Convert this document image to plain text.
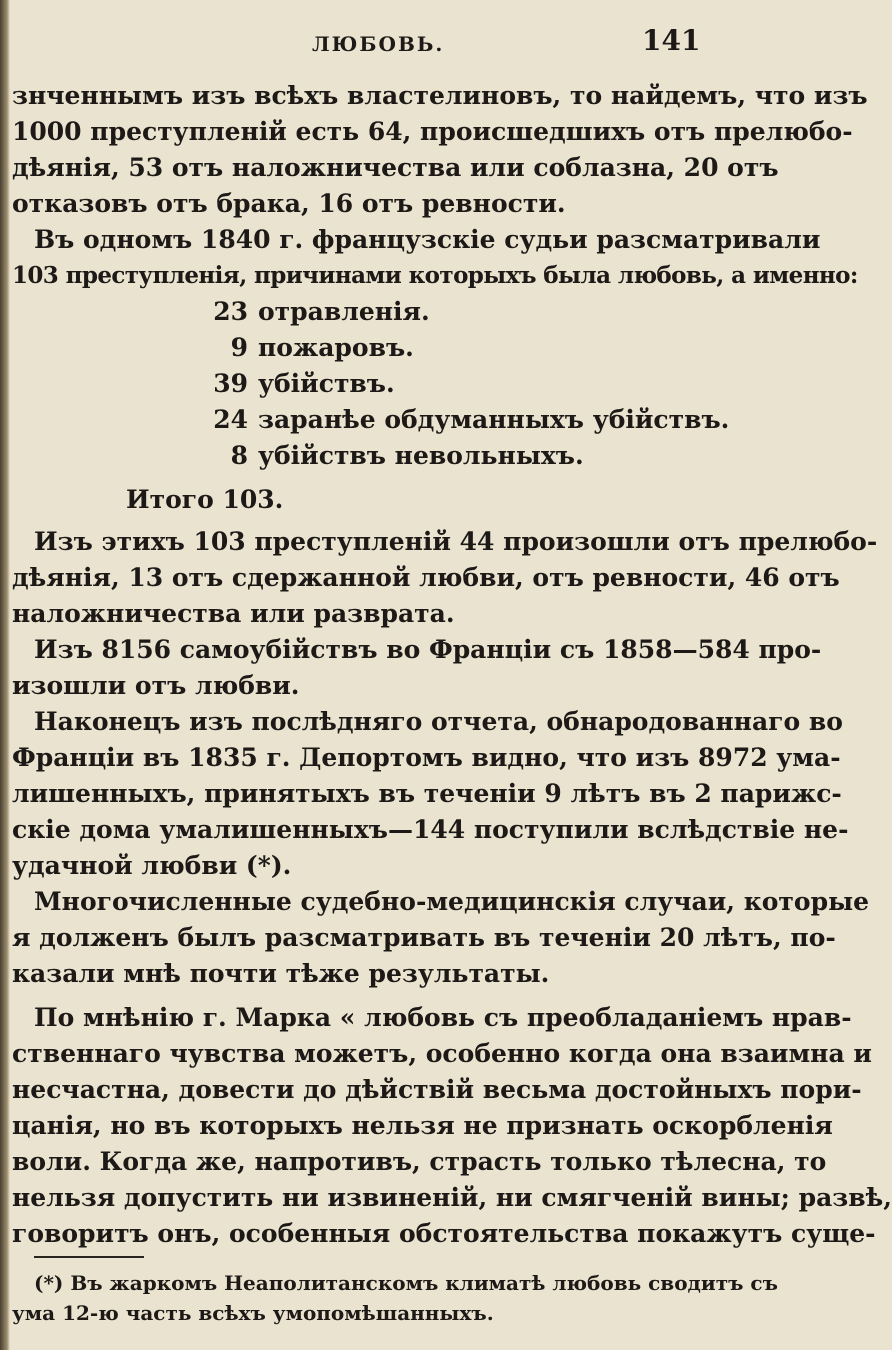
ЛЮБОВЬ.	141
знченнымъ изъ всѣхъ властелиновъ, то найдемъ, что изъ
1000 преступленій есть 64, происшедшихъ отъ прелюбо-
дѣянія, 53 отъ наложничества или соблазна, 20 отъ
отказовъ отъ брака, 16 отъ ревности.
Въ одномъ 1840 г. французскіе судьи разсматривали
103 преступленія, причинами которыхъ была любовь, а именно:
23 отравленія.
9 пожаровъ.
39 убійствъ.
24 заранѣе обдуманныхъ убійствъ.
8 убійствъ невольныхъ.
Итого 103.
Изъ этихъ 103 преступленій 44 произошли отъ прелюбо-
дѣянія, 13 отъ сдержанной любви, отъ ревности, 46 отъ
наложничества или разврата.
Изъ 8156 самоубійствъ во Франціи съ 1858—584 про-
изошли отъ любви.
Наконецъ изъ послѣдняго отчета, обнародованнаго во
Франціи въ 1835 г. Депортомъ видно, что изъ 8972 ума-
лишенныхъ, принятыхъ въ теченіи 9 лѣтъ въ 2 парижс-
скіе дома умалишенныхъ—144 поступили вслѣдствіе не-
удачной любви (*).
Многочисленные судебно-медицинскія случаи, которые
я долженъ былъ разсматривать въ теченіи 20 лѣтъ, по-
казали мнѣ почти тѣже результаты.
По мнѣнію г. Марка « любовь съ преобладаніемъ нрав-
ственнаго чувства можетъ, особенно когда она взаимна и
несчастна, довести до дѣйствій весьма достойныхъ пори-
цанія, но въ которыхъ нельзя не признать оскорбленія
воли. Когда же, напротивъ, страсть только тѣлесна, то
нельзя допустить ни извиненій, ни смягченій вины; развѣ,
говоритъ онъ, особенныя обстоятельства покажутъ суще-
(*) Въ жаркомъ Неаполитанскомъ климатѣ любовь сводитъ съ
ума 12-ю часть всѣхъ умопомѣшанныхъ.
